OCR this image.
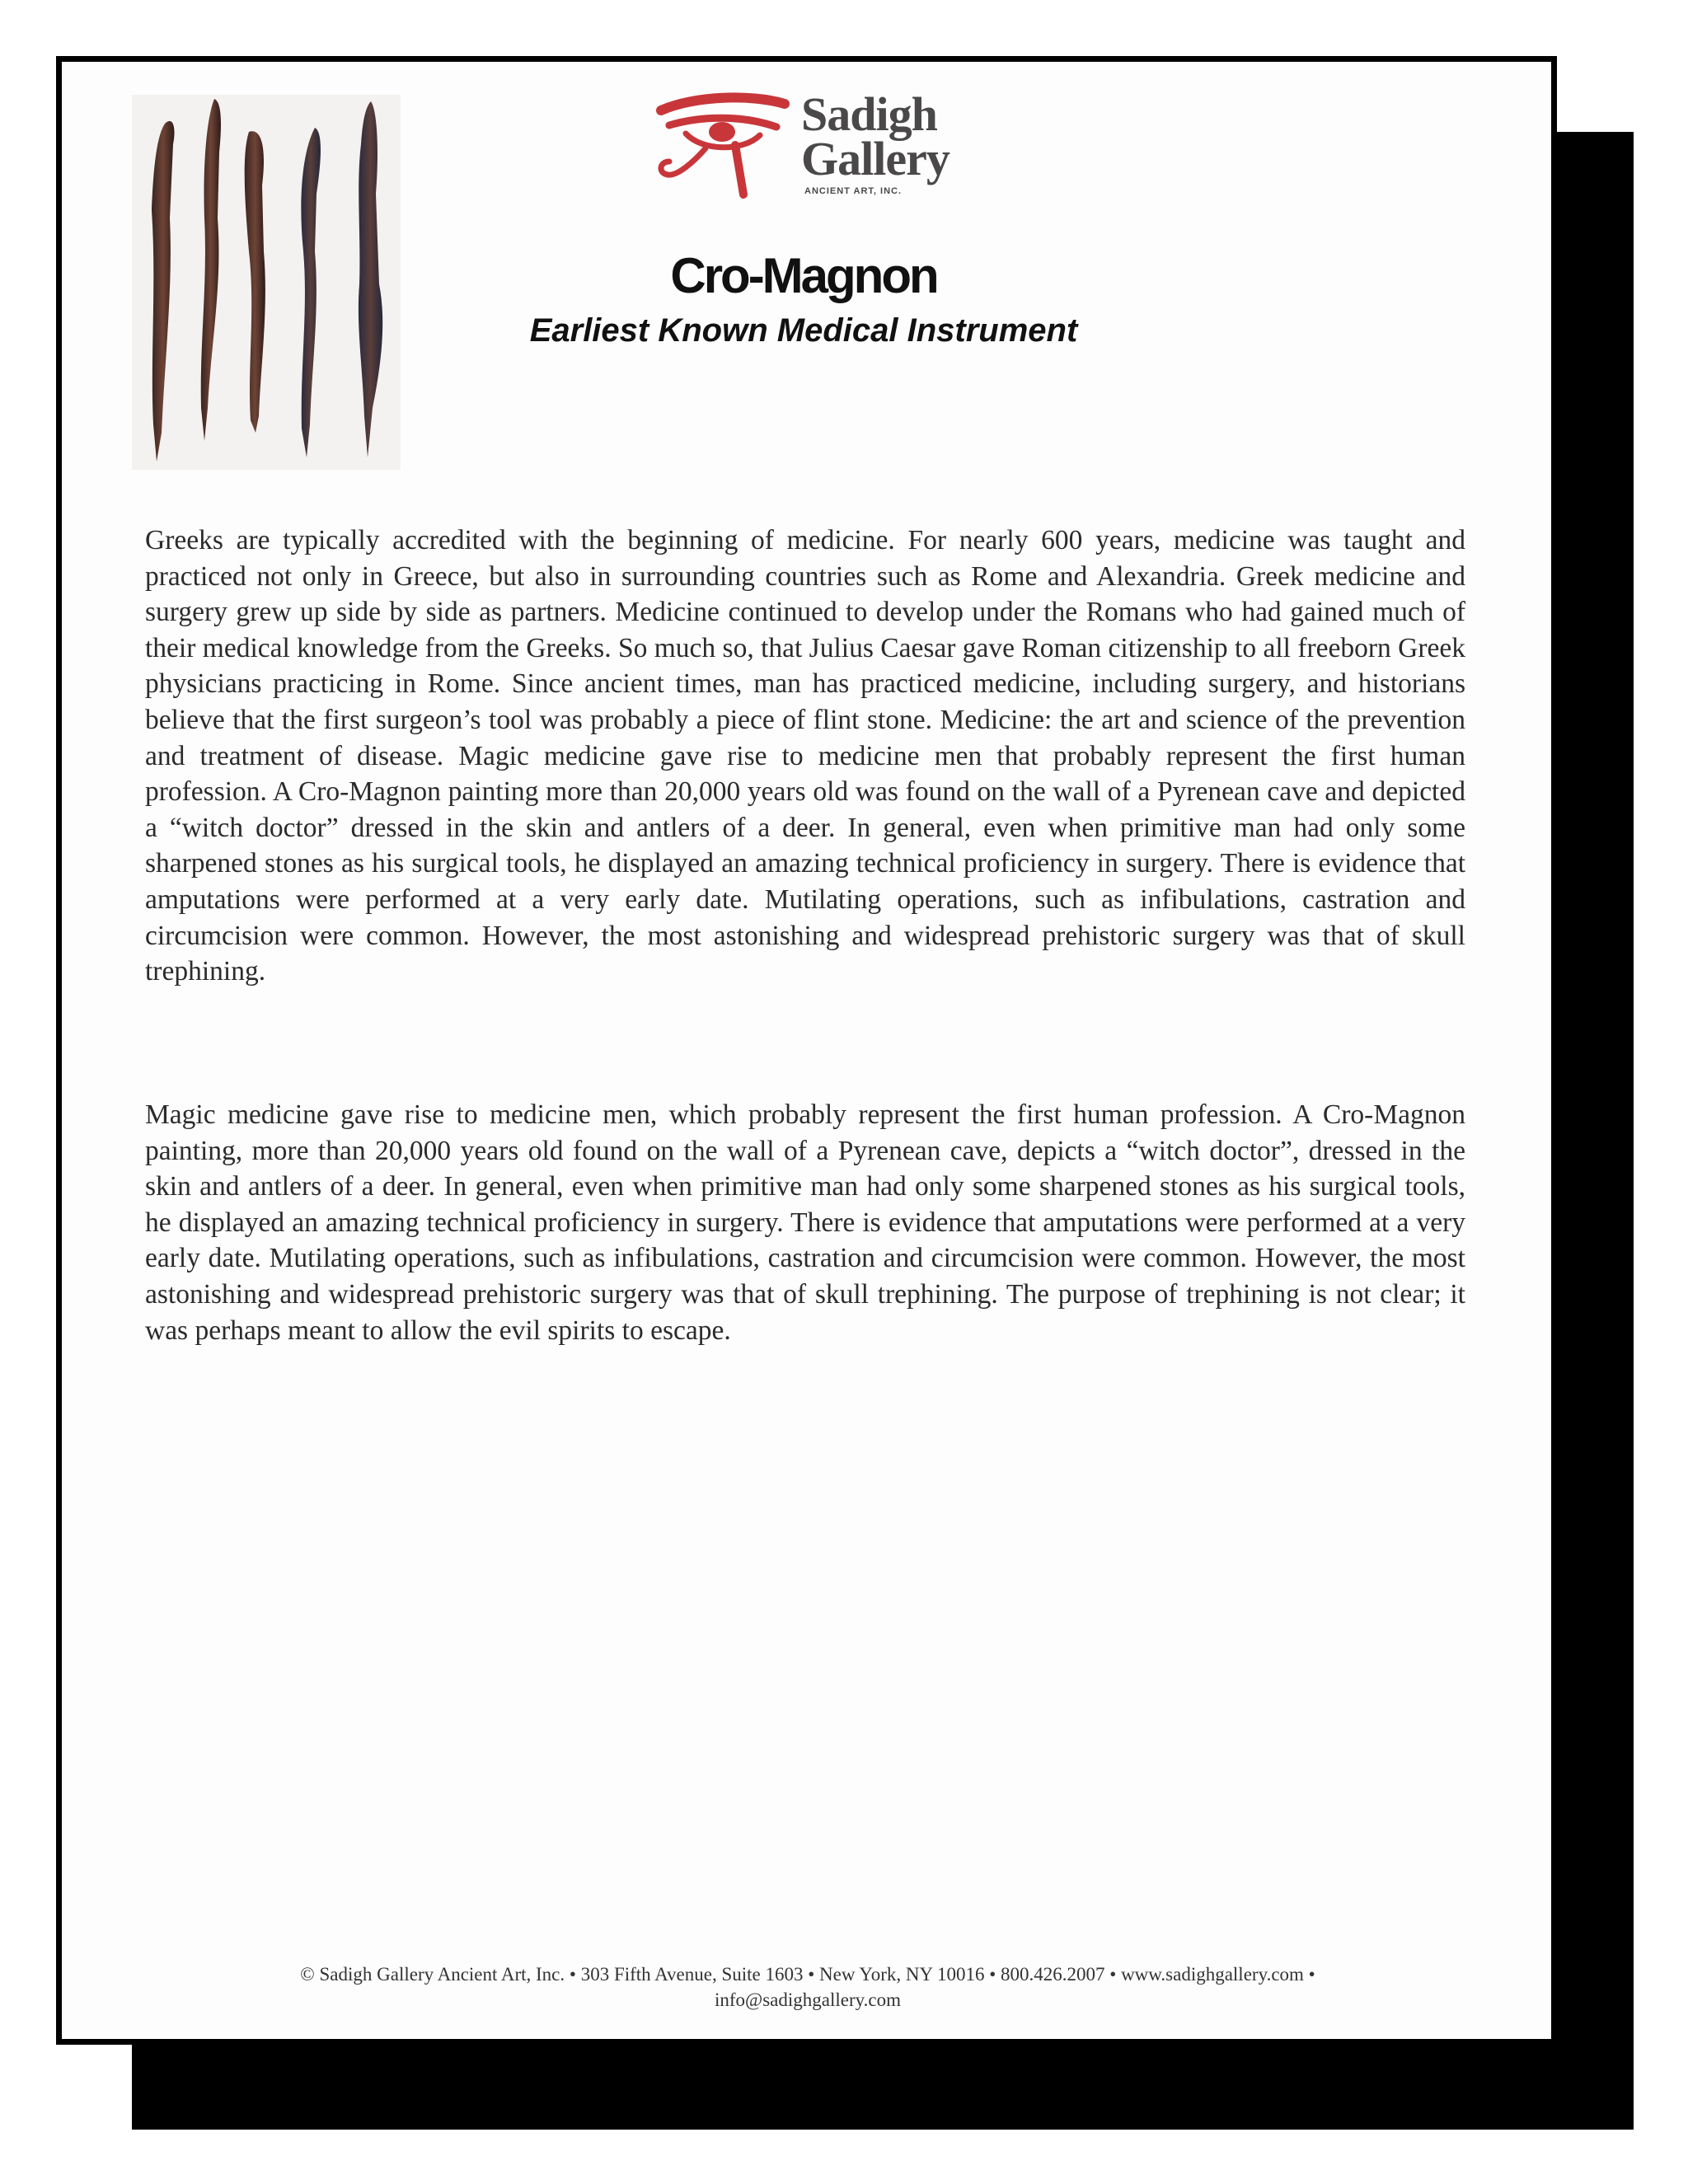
Sadigh
Gallery
ANCIENT ART, INC.
Cro-Magnon
Earliest Known Medical Instrument

Greeks are typically accredited with the beginning of medicine. For nearly 600 years, medicine was taught and practiced not only in Greece, but also in surrounding countries such as Rome and Alexandria. Greek medicine and surgery grew up side by side as partners. Medicine continued to develop under the Romans who had gained much of their medical knowledge from the Greeks. So much so, that Julius Caesar gave Roman citizenship to all freeborn Greek physicians practicing in Rome. Since ancient times, man has practiced medicine, including surgery, and historians believe that the first surgeon’s tool was probably a piece of flint stone. Medicine: the art and science of the prevention and treatment of disease. Magic medicine gave rise to medicine men that probably represent the first human profession. A Cro-Magnon painting more than 20,000 years old was found on the wall of a Pyrenean cave and depicted a “witch doctor” dressed in the skin and antlers of a deer. In general, even when primitive man had only some sharpened stones as his surgical tools, he displayed an amazing technical proficiency in surgery. There is evidence that amputations were performed at a very early date. Mutilating operations, such as infibulations, castration and circumcision were common. However, the most astonishing and widespread prehistoric surgery was that of skull trephining.

Magic medicine gave rise to medicine men, which probably represent the first human profession. A Cro-Magnon painting, more than 20,000 years old found on the wall of a Pyrenean cave, depicts a “witch doctor”, dressed in the skin and antlers of a deer. In general, even when primitive man had only some sharpened stones as his surgical tools, he displayed an amazing technical proficiency in surgery. There is evidence that amputations were performed at a very early date. Mutilating operations, such as infibulations, castration and circumcision were common. However, the most astonishing and widespread prehistoric surgery was that of skull trephining. The purpose of trephining is not clear; it was perhaps meant to allow the evil spirits to escape.

© Sadigh Gallery Ancient Art, Inc. • 303 Fifth Avenue, Suite 1603 • New York, NY 10016 • 800.426.2007 • www.sadighgallery.com •
info@sadighgallery.com
